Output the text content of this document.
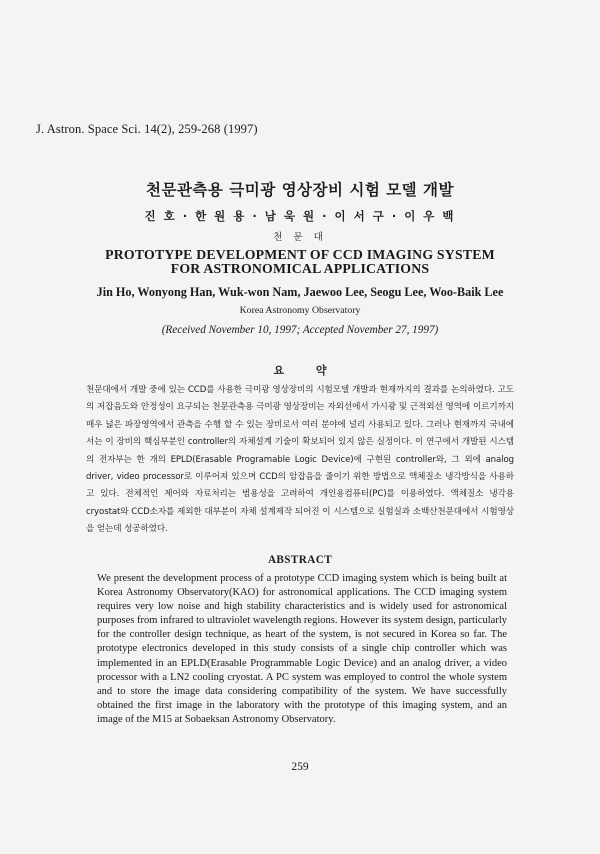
J. Astron. Space Sci. 14(2), 259-268 (1997)
천문관측용 극미광 영상장비 시험 모델 개발
진 호 · 한 원 용 · 남 욱 원 · 이 서 구 · 이 우 백
천 문 대
PROTOTYPE DEVELOPMENT OF CCD IMAGING SYSTEM
FOR ASTRONOMICAL APPLICATIONS
Jin Ho, Wonyong Han, Wuk-won Nam, Jaewoo Lee, Seogu Lee, Woo-Baik Lee
Korea Astronomy Observatory
(Received November 10, 1997; Accepted November 27, 1997)
요 약

천문대에서 개발 중에 있는 CCD를 사용한 극미광 영상장비의 시험모델 개발과 현재까지의 결과를 논의하였다. 고도의 저잡음도와 안정성이 요구되는 천문관측용 극미광 영상장비는 자외선에서 가시광 및 근적외선 영역에 이르기까지 매우 넓은 파장영역에서 관측을 수행 할 수 있는 장비로서 여러 분야에 널리 사용되고 있다. 그러나 현재까지 국내에서는 이 장비의 핵심부분인 controller의 자체설계 기술이 확보되어 있지 않은 실정이다. 이 연구에서 개발된 시스템의 전자부는 한 개의 EPLD(Erasable Programable Logic Device)에 구현된 controller와, 그 외에 analog driver, video processor로 이루어져 있으며 CCD의 암잡음을 줄이기 위한 방법으로 액체질소 냉각방식을 사용하고 있다. 전체적인 제어와 자료처리는 범용성을 고려하여 개인용컴퓨터(PC)를 이용하였다. 액체질소 냉각용 cryostat와 CCD소자를 제외한 대부분이 자체 설계제작 되어진 이 시스템으로 실험실과 소백산천문대에서 시험영상을 얻는데 성공하였다.

ABSTRACT

We present the development process of a prototype CCD imaging system which is being built at Korea Astronomy Observatory(KAO) for astronomical applications. The CCD imaging system requires very low noise and high stability characteristics and is widely used for astronomical purposes from infrared to ultraviolet wavelength regions. However its system design, particularly for the controller design technique, as heart of the system, is not secured in Korea so far. The prototype electronics developed in this study consists of a single chip controller which was implemented in an EPLD(Erasable Programmable Logic Device) and an analog driver, a video processor with a LN2 cooling cryostat. A PC system was employed to control the whole system and to store the image data considering compatibility of the system. We have successfully obtained the first image in the laboratory with the prototype of this imaging system, and an image of the M15 at Sobaeksan Astronomy Observatory.

259
